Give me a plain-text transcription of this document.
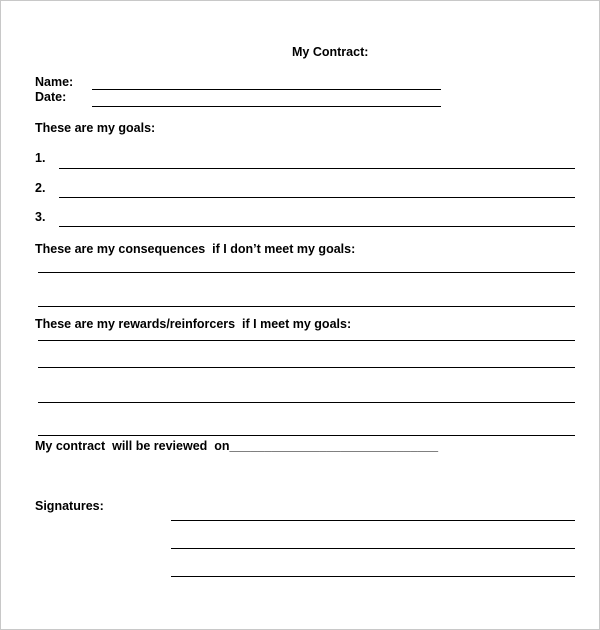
My Contract:
Name:
Date:
These are my goals:
1.
2.
3.
These are my consequences  if I don’t meet my goals:
These are my rewards/reinforcers  if I meet my goals:
My contract  will be reviewed  on______________________________
Signatures:
